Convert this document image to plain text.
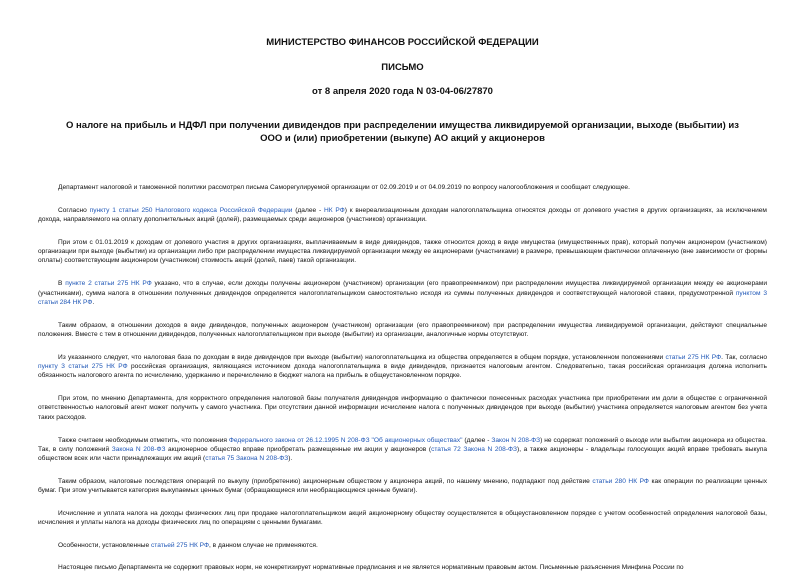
МИНИСТЕРСТВО ФИНАНСОВ РОССИЙСКОЙ ФЕДЕРАЦИИ
ПИСЬМО
от 8 апреля 2020 года N 03-04-06/27870
О налоге на прибыль и НДФЛ при получении дивидендов при распределении имущества ликвидируемой организации, выходе (выбытии) из ООО и (или) приобретении (выкупе) АО акций у акционеров

Департамент налоговой и таможенной политики рассмотрел письма Саморегулируемой организации от 02.09.2019 и от 04.09.2019 по вопросу налогообложения и сообщает следующее.

Согласно пункту 1 статьи 250 Налогового кодекса Российской Федерации (далее - НК РФ) к внереализационным доходам налогоплательщика относятся доходы от долевого участия в других организациях, за исключением дохода, направляемого на оплату дополнительных акций (долей), размещаемых среди акционеров (участников) организации.

При этом с 01.01.2019 к доходам от долевого участия в других организациях, выплачиваемым в виде дивидендов, также относится доход в виде имущества (имущественных прав), который получен акционером (участником) организации при выходе (выбытии) из организации либо при распределении имущества ликвидируемой организации между ее акционерами (участниками) в размере, превышающем фактически оплаченную (вне зависимости от формы оплаты) соответствующим акционером (участником) стоимость акций (долей, паев) такой организации.

В пункте 2 статьи 275 НК РФ указано, что в случае, если доходы получены акционером (участником) организации (его правопреемником) при распределении имущества ликвидируемой организации между ее акционерами (участниками), сумма налога в отношении полученных дивидендов определяется налогоплательщиком самостоятельно исходя из суммы полученных дивидендов и соответствующей налоговой ставки, предусмотренной пунктом 3 статьи 284 НК РФ.

Таким образом, в отношении доходов в виде дивидендов, полученных акционером (участником) организации (его правопреемником) при распределении имущества ликвидируемой организации, действуют специальные положения. Вместе с тем в отношении дивидендов, полученных налогоплательщиком при выходе (выбытии) из организации, аналогичные нормы отсутствуют.

Из указанного следует, что налоговая база по доходам в виде дивидендов при выходе (выбытии) налогоплательщика из общества определяется в общем порядке, установленном положениями статьи 275 НК РФ. Так, согласно пункту 3 статьи 275 НК РФ российская организация, являющаяся источником дохода налогоплательщика в виде дивидендов, признается налоговым агентом. Следовательно, такая российская организация должна исполнить обязанность налогового агента по исчислению, удержанию и перечислению в бюджет налога на прибыль в общеустановленном порядке.

При этом, по мнению Департамента, для корректного определения налоговой базы получателя дивидендов информацию о фактически понесенных расходах участника при приобретении им доли в обществе с ограниченной ответственностью налоговый агент может получить у самого участника. При отсутствии данной информации исчисление налога с полученных дивидендов при выходе (выбытии) участника определяется налоговым агентом без учета таких расходов.

Также считаем необходимым отметить, что положения Федерального закона от 26.12.1995 N 208-ФЗ "Об акционерных обществах" (далее - Закон N 208-ФЗ) не содержат положений о выходе или выбытии акционера из общества. Так, в силу положений Закона N 208-ФЗ акционерное общество вправе приобретать размещенные им акции у акционеров (статья 72 Закона N 208-ФЗ), а также акционеры - владельцы голосующих акций вправе требовать выкупа обществом всех или части принадлежащих им акций (статья 75 Закона N 208-ФЗ).

Таким образом, налоговые последствия операций по выкупу (приобретению) акционерным обществом у акционера акций, по нашему мнению, подпадают под действие статьи 280 НК РФ как операции по реализации ценных бумаг. При этом учитывается категория выкупаемых ценных бумаг (обращающиеся или необращающиеся ценные бумаги).

Исчисление и уплата налога на доходы физических лиц при продаже налогоплательщиком акций акционерному обществу осуществляется в общеустановленном порядке с учетом особенностей определения налоговой базы, исчисления и уплаты налога на доходы физических лиц по операциям с ценными бумагами.

Особенности, установленные статьей 275 НК РФ, в данном случае не применяются.

Настоящее письмо Департамента не содержит правовых норм, не конкретизирует нормативные предписания и не является нормативным правовым актом. Письменные разъяснения Минфина России по
